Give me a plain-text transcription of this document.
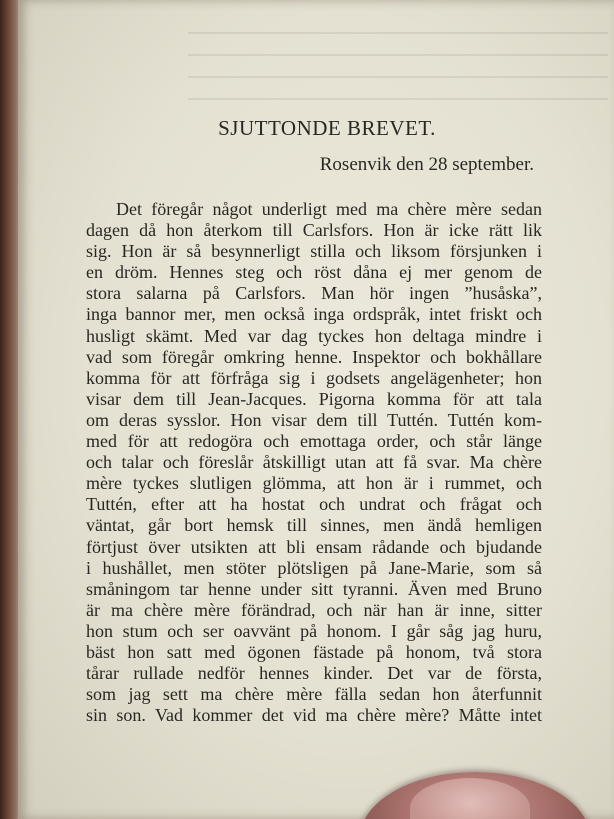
SJUTTONDE BREVET.

Rosenvik den 28 september.

Det föregår något underligt med ma chère mère sedan
dagen då hon återkom till Carlsfors. Hon är icke rätt lik
sig. Hon är så besynnerligt stilla och liksom försjunken i
en dröm. Hennes steg och röst dåna ej mer genom de
stora salarna på Carlsfors. Man hör ingen ”husåska”,
inga bannor mer, men också inga ordspråk, intet friskt och
husligt skämt. Med var dag tyckes hon deltaga mindre i
vad som föregår omkring henne. Inspektor och bokhållare
komma för att förfråga sig i godsets angelägenheter; hon
visar dem till Jean-Jacques. Pigorna komma för att tala
om deras sysslor. Hon visar dem till Tuttén. Tuttén kom-
med för att redogöra och emottaga order, och står länge
och talar och föreslår åtskilligt utan att få svar. Ma chère
mère tyckes slutligen glömma, att hon är i rummet, och
Tuttén, efter att ha hostat och undrat och frågat och
väntat, går bort hemsk till sinnes, men ändå hemligen
förtjust över utsikten att bli ensam rådande och bjudande
i hushållet, men stöter plötsligen på Jane-Marie, som så
småningom tar henne under sitt tyranni. Även med Bruno
är ma chère mère förändrad, och när han är inne, sitter
hon stum och ser oavvänt på honom. I går såg jag huru,
bäst hon satt med ögonen fästade på honom, två stora
tårar rullade nedför hennes kinder. Det var de första,
som jag sett ma chère mère fälla sedan hon återfunnit
sin son. Vad kommer det vid ma chère mère? Måtte intet
